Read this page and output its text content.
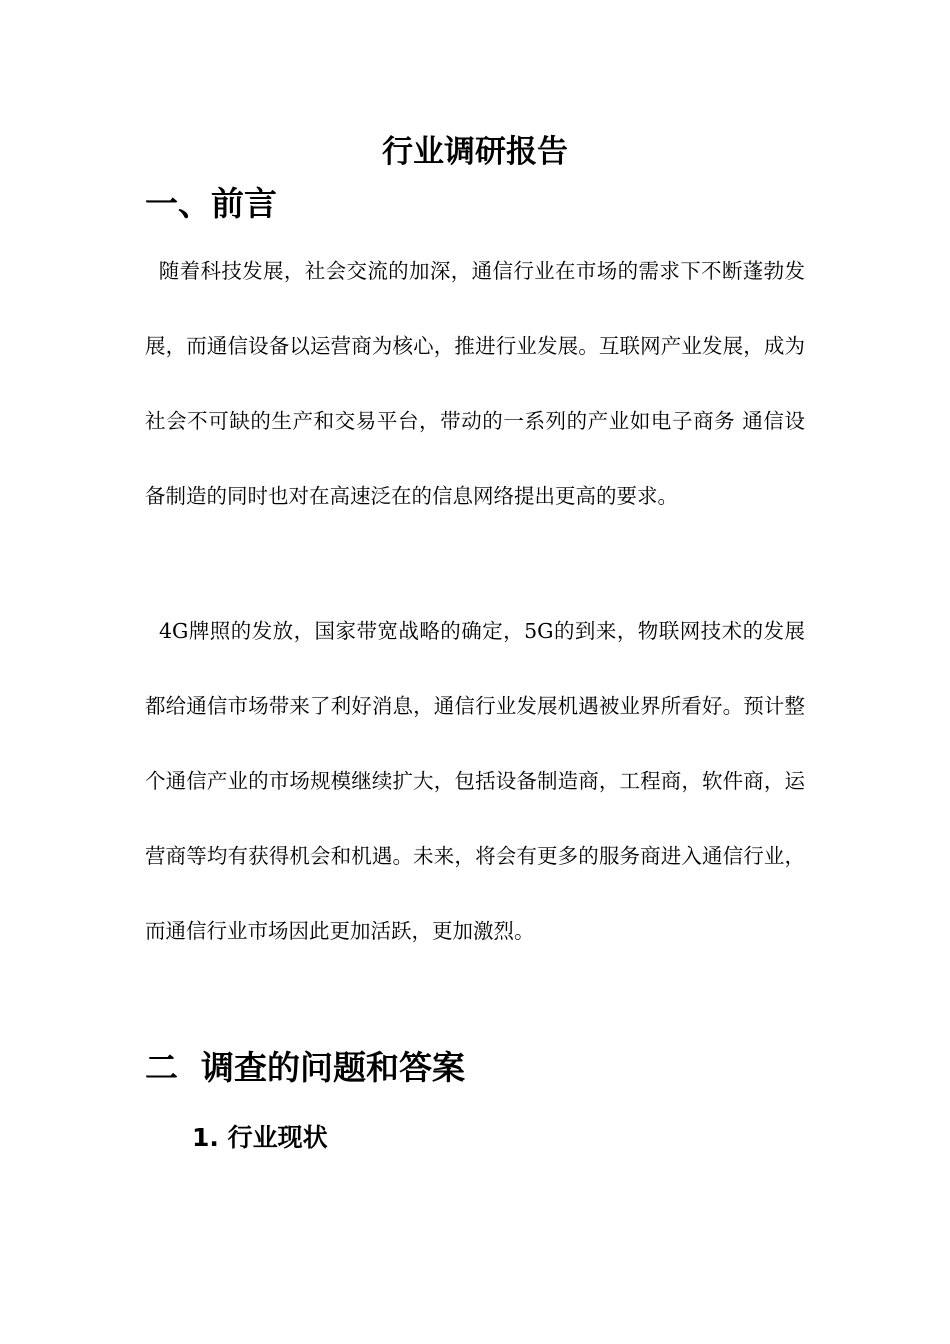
行业调研报告
一、前言

随着科技发展，社会交流的加深，通信行业在市场的需求下不断蓬勃发展，而通信设备以运营商为核心，推进行业发展。互联网产业发展，成为社会不可缺的生产和交易平台，带动的一系列的产业如电子商务 通信设备制造的同时也对在高速泛在的信息网络提出更高的要求。

4G牌照的发放，国家带宽战略的确定，5G的到来，物联网技术的发展都给通信市场带来了利好消息，通信行业发展机遇被业界所看好。预计整个通信产业的市场规模继续扩大，包括设备制造商，工程商，软件商，运营商等均有获得机会和机遇。未来，将会有更多的服务商进入通信行业，而通信行业市场因此更加活跃，更加激烈。

二  调查的问题和答案
1. 行业现状
